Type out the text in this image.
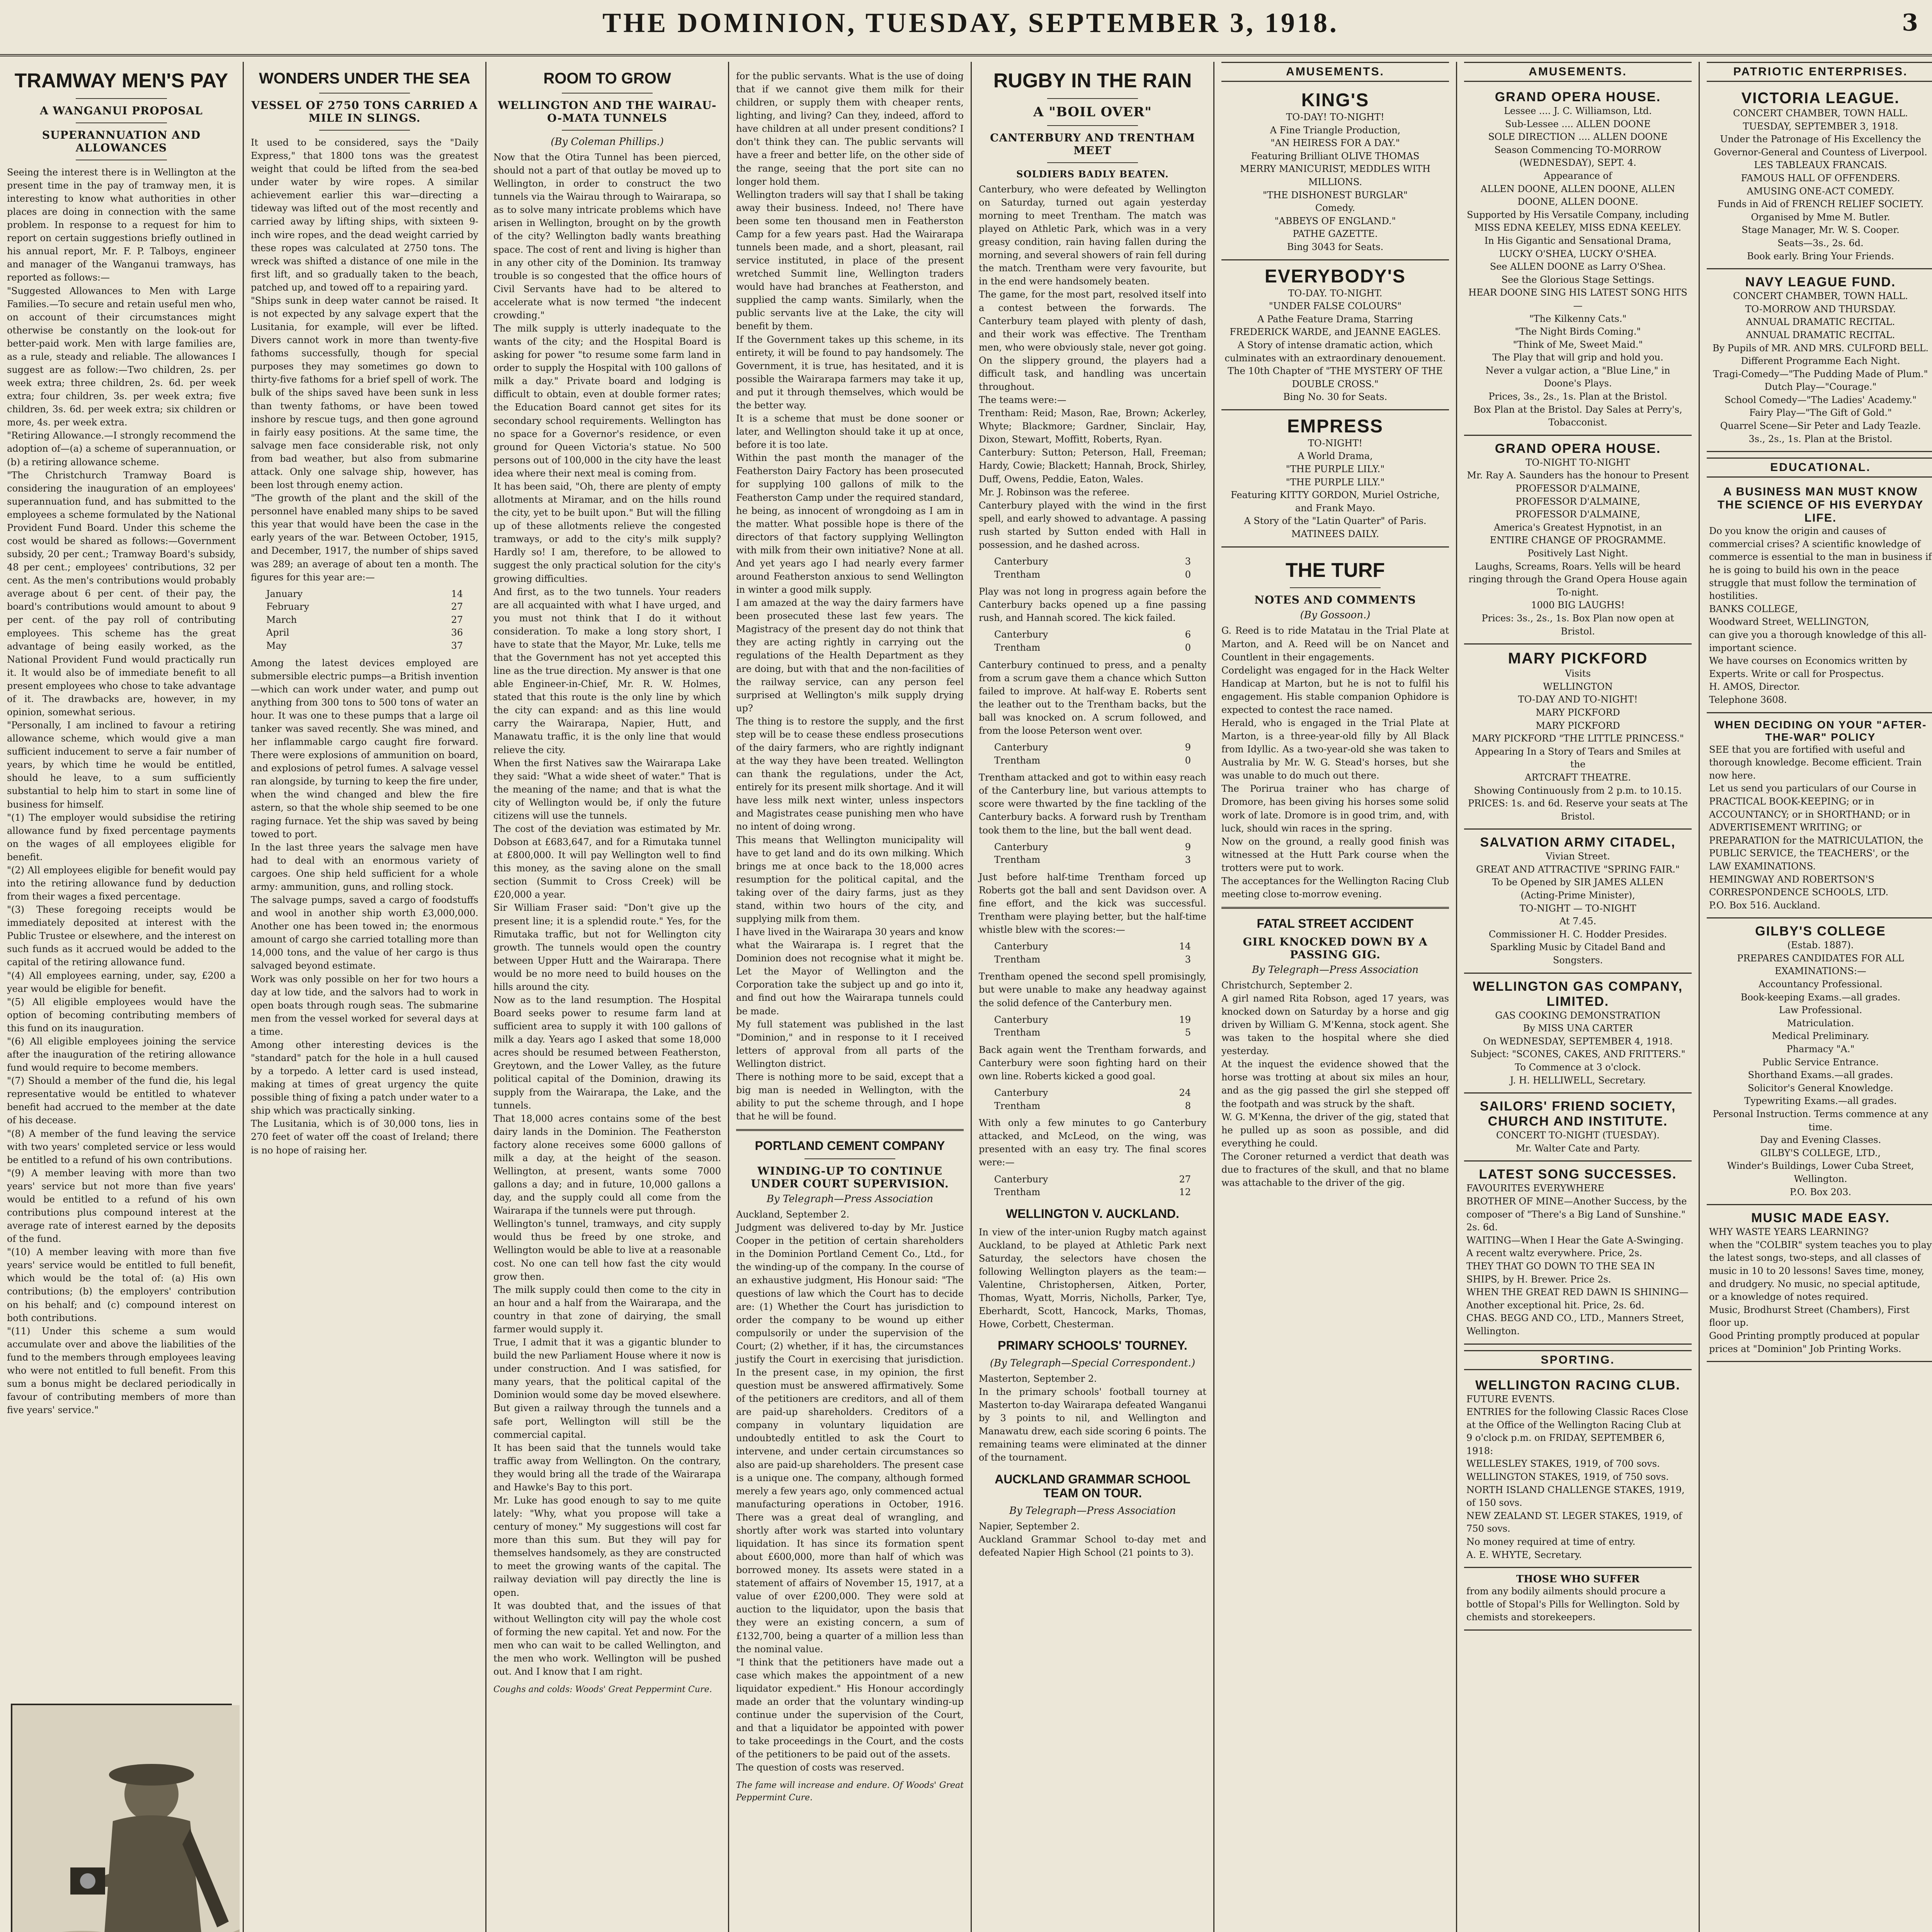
THE DOMINION, TUESDAY, SEPTEMBER 3, 1918.	3
TRAMWAY MEN'S PAY
A WANGANUI PROPOSAL
SUPERANNUATION AND ALLOWANCES

Seeing the interest there is in Wellington at the present time in the pay of tramway men, it is interesting to know what authorities in other places are doing in connection with the same problem. In response to a request for him to report on certain suggestions briefly outlined in his annual report, Mr. F. P. Talboys, engineer and manager of the Wanganui tramways, has reported as follows:—
"Suggested Allowances to Men with Large Families.—To secure and retain useful men who, on account of their circumstances might otherwise be constantly on the look-out for better-paid work. Men with large families are, as a rule, steady and reliable. The allowances I suggest are as follow:—Two children, 2s. per week extra; three children, 2s. 6d. per week extra; four children, 3s. per week extra; five children, 3s. 6d. per week extra; six children or more, 4s. per week extra.
"Retiring Allowance.—I strongly recommend the adoption of—(a) a scheme of superannuation, or (b) a retiring allowance scheme.
"The Christchurch Tramway Board is considering the inauguration of an employees' superannuation fund, and has submitted to the employees a scheme formulated by the National Provident Fund Board. Under this scheme the cost would be shared as follows:—Government subsidy, 20 per cent.; Tramway Board's subsidy, 48 per cent.; employees' contributions, 32 per cent. As the men's contributions would probably average about 6 per cent. of their pay, the board's contributions would amount to about 9 per cent. of the pay roll of contributing employees. This scheme has the great advantage of being easily worked, as the National Provident Fund would practically run it. It would also be of immediate benefit to all present employees who chose to take advantage of it. The drawbacks are, however, in my opinion, somewhat serious.
"Personally, I am inclined to favour a retiring allowance scheme, which would give a man sufficient inducement to serve a fair number of years, by which time he would be entitled, should he leave, to a sum sufficiently substantial to help him to start in some line of business for himself.
"(1) The employer would subsidise the retiring allowance fund by fixed percentage payments on the wages of all employees eligible for benefit.
"(2) All employees eligible for benefit would pay into the retiring allowance fund by deduction from their wages a fixed percentage.
"(3) These foregoing receipts would be immediately deposited at interest with the Public Trustee or elsewhere, and the interest on such funds as it accrued would be added to the capital of the retiring allowance fund.
"(4) All employees earning, under, say, £200 a year would be eligible for benefit.
"(5) All eligible employees would have the option of becoming contributing members of this fund on its inauguration.
"(6) All eligible employees joining the service after the inauguration of the retiring allowance fund would require to become members.
"(7) Should a member of the fund die, his legal representative would be entitled to whatever benefit had accrued to the member at the date of his decease.
"(8) A member of the fund leaving the service with two years' completed service or less would be entitled to a refund of his own contributions.
"(9) A member leaving with more than two years' service but not more than five years' would be entitled to a refund of his own contributions plus compound interest at the average rate of interest earned by the deposits of the fund.
"(10) A member leaving with more than five years' service would be entitled to full benefit, which would be the total of: (a) His own contributions; (b) the employers' contribution on his behalf; and (c) compound interest on both contributions.
"(11) Under this scheme a sum would accumulate over and above the liabilities of the fund to the members through employees leaving who were not entitled to full benefit. From this sum a bonus might be declared periodically in favour of contributing members of more than five years' service."

WONDERS UNDER THE SEA
VESSEL OF 2750 TONS CARRIED A MILE IN SLINGS.

It used to be considered, says the "Daily Express," that 1800 tons was the greatest weight that could be lifted from the sea-bed under water by wire ropes. A similar achievement earlier this war—directing a tideway was lifted out of the most recently and carried away by lifting ships, with sixteen 9-inch wire ropes, and the dead weight carried by these ropes was calculated at 2750 tons. The wreck was shifted a distance of one mile in the first lift, and so gradually taken to the beach, patched up, and towed off to a repairing yard.
"Ships sunk in deep water cannot be raised. It is not expected by any salvage expert that the Lusitania, for example, will ever be lifted. Divers cannot work in more than twenty-five fathoms successfully, though for special purposes they may sometimes go down to thirty-five fathoms for a brief spell of work. The bulk of the ships saved have been sunk in less than twenty fathoms, or have been towed inshore by rescue tugs, and then gone aground in fairly easy positions. At the same time, the salvage men face considerable risk, not only from bad weather, but also from submarine attack. Only one salvage ship, however, has been lost through enemy action.
"The growth of the plant and the skill of the personnel have enabled many ships to be saved this year that would have been the case in the early years of the war. Between October, 1915, and December, 1917, the number of ships saved was 289; an average of about ten a month. The figures for this year are:—

January	14
February	27
March	27
April	36
May	37

Among the latest devices employed are submersible electric pumps—a British invention—which can work under water, and pump out anything from 300 tons to 500 tons of water an hour. It was one to these pumps that a large oil tanker was saved recently. She was mined, and her inflammable cargo caught fire forward. There were explosions of ammunition on board, and explosions of petrol fumes. A salvage vessel ran alongside, by turning to keep the fire under, when the wind changed and blew the fire astern, so that the whole ship seemed to be one raging furnace. Yet the ship was saved by being towed to port.
In the last three years the salvage men have had to deal with an enormous variety of cargoes. One ship held sufficient for a whole army: ammunition, guns, and rolling stock.
The salvage pumps, saved a cargo of foodstuffs and wool in another ship worth £3,000,000. Another one has been towed in; the enormous amount of cargo she carried totalling more than 14,000 tons, and the value of her cargo is thus salvaged beyond estimate.
Work was only possible on her for two hours a day at low tide, and the salvors had to work in open boats through rough seas. The submarine men from the vessel worked for several days at a time.
Among other interesting devices is the "standard" patch for the hole in a hull caused by a torpedo. A letter card is used instead, making at times of great urgency the quite possible thing of fixing a patch under water to a ship which was practically sinking.
The Lusitania, which is of 30,000 tons, lies in 270 feet of water off the coast of Ireland; there is no hope of raising her.

ROOM TO GROW
WELLINGTON AND THE WAIRAU-O-MATA TUNNELS
(By Coleman Phillips.)

Now that the Otira Tunnel has been pierced, should not a part of that outlay be moved up to Wellington, in order to construct the two tunnels via the Wairau through to Wairarapa, so as to solve many intricate problems which have arisen in Wellington, brought on by the growth of the city? Wellington badly wants breathing space. The cost of rent and living is higher than in any other city of the Dominion. Its tramway trouble is so congested that the office hours of Civil Servants have had to be altered to accelerate what is now termed "the indecent crowding."
The milk supply is utterly inadequate to the wants of the city; and the Hospital Board is asking for power "to resume some farm land in order to supply the Hospital with 100 gallons of milk a day." Private board and lodging is difficult to obtain, even at double former rates; the Education Board cannot get sites for its secondary school requirements. Wellington has no space for a Governor's residence, or even ground for Queen Victoria's statue. No 500 persons out of 100,000 in the city have the least idea where their next meal is coming from.
It has been said, "Oh, there are plenty of empty allotments at Miramar, and on the hills round the city, yet to be built upon." But will the filling up of these allotments relieve the congested tramways, or add to the city's milk supply? Hardly so! I am, therefore, to be allowed to suggest the only practical solution for the city's growing difficulties.
And first, as to the two tunnels. Your readers are all acquainted with what I have urged, and you must not think that I do it without consideration. To make a long story short, I have to state that the Mayor, Mr. Luke, tells me that the Government has not yet accepted this line as the true direction. My answer is that one able Engineer-in-Chief, Mr. R. W. Holmes, stated that this route is the only line by which the city can expand: and as this line would carry the Wairarapa, Napier, Hutt, and Manawatu traffic, it is the only line that would relieve the city.
When the first Natives saw the Wairarapa Lake they said: "What a wide sheet of water." That is the meaning of the name; and that is what the city of Wellington would be, if only the future citizens will use the tunnels.
The cost of the deviation was estimated by Mr. Dobson at £683,647, and for a Rimutaka tunnel at £800,000. It will pay Wellington well to find this money, as the saving alone on the small section (Summit to Cross Creek) will be £20,000 a year.
Sir William Fraser said: "Don't give up the present line; it is a splendid route." Yes, for the Rimutaka traffic, but not for Wellington city growth. The tunnels would open the country between Upper Hutt and the Wairarapa. There would be no more need to build houses on the hills around the city.
Now as to the land resumption. The Hospital Board seeks power to resume farm land at sufficient area to supply it with 100 gallons of milk a day. Years ago I asked that some 18,000 acres should be resumed between Featherston, Greytown, and the Lower Valley, as the future political capital of the Dominion, drawing its supply from the Wairarapa, the Lake, and the tunnels.
That 18,000 acres contains some of the best dairy lands in the Dominion. The Featherston factory alone receives some 6000 gallons of milk a day, at the height of the season. Wellington, at present, wants some 7000 gallons a day; and in future, 10,000 gallons a day, and the supply could all come from the Wairarapa if the tunnels were put through.
Wellington's tunnel, tramways, and city supply would thus be freed by one stroke, and Wellington would be able to live at a reasonable cost. No one can tell how fast the city would grow then.
The milk supply could then come to the city in an hour and a half from the Wairarapa, and the country in that zone of dairying, the small farmer would supply it.
True, I admit that it was a gigantic blunder to build the new Parliament House where it now is under construction. And I was satisfied, for many years, that the political capital of the Dominion would some day be moved elsewhere. But given a railway through the tunnels and a safe port, Wellington will still be the commercial capital.
It has been said that the tunnels would take traffic away from Wellington. On the contrary, they would bring all the trade of the Wairarapa and Hawke's Bay to this port.
Mr. Luke has good enough to say to me quite lately: "Why, what you propose will take a century of money." My suggestions will cost far more than this sum. But they will pay for themselves handsomely, as they are constructed to meet the growing wants of the capital. The railway deviation will pay directly the line is open.
It was doubted that, and the issues of that without Wellington city will pay the whole cost of forming the new capital. Yet and now. For the men who can wait to be called Wellington, and the men who work. Wellington will be pushed out. And I know that I am right.

Coughs and colds: Woods' Great Peppermint Cure.

for the public servants. What is the use of doing that if we cannot give them milk for their children, or supply them with cheaper rents, lighting, and living? Can they, indeed, afford to have children at all under present conditions? I don't think they can. The public servants will have a freer and better life, on the other side of the range, seeing that the port site can no longer hold them.
Wellington traders will say that I shall be taking away their business. Indeed, no! There have been some ten thousand men in Featherston Camp for a few years past. Had the Wairarapa tunnels been made, and a short, pleasant, rail service instituted, in place of the present wretched Summit line, Wellington traders would have had branches at Featherston, and supplied the camp wants. Similarly, when the public servants live at the Lake, the city will benefit by them.
If the Government takes up this scheme, in its entirety, it will be found to pay handsomely. The Government, it is true, has hesitated, and it is possible the Wairarapa farmers may take it up, and put it through themselves, which would be the better way.
It is a scheme that must be done sooner or later, and Wellington should take it up at once, before it is too late.
Within the past month the manager of the Featherston Dairy Factory has been prosecuted for supplying 100 gallons of milk to the Featherston Camp under the required standard, he being, as innocent of wrongdoing as I am in the matter. What possible hope is there of the directors of that factory supplying Wellington with milk from their own initiative? None at all. And yet years ago I had nearly every farmer around Featherston anxious to send Wellington in winter a good milk supply.
I am amazed at the way the dairy farmers have been prosecuted these last few years. The Magistracy of the present day do not think that they are acting rightly in carrying out the regulations of the Health Department as they are doing, but with that and the non-facilities of the railway service, can any person feel surprised at Wellington's milk supply drying up?
The thing is to restore the supply, and the first step will be to cease these endless prosecutions of the dairy farmers, who are rightly indignant at the way they have been treated. Wellington can thank the regulations, under the Act, entirely for its present milk shortage. And it will have less milk next winter, unless inspectors and Magistrates cease punishing men who have no intent of doing wrong.
This means that Wellington municipality will have to get land and do its own milking. Which brings me at once back to the 18,000 acres resumption for the political capital, and the taking over of the dairy farms, just as they stand, within two hours of the city, and supplying milk from them.
I have lived in the Wairarapa 30 years and know what the Wairarapa is. I regret that the Dominion does not recognise what it might be. Let the Mayor of Wellington and the Corporation take the subject up and go into it, and find out how the Wairarapa tunnels could be made.
My full statement was published in the last "Dominion," and in response to it I received letters of approval from all parts of the Wellington district.
There is nothing more to be said, except that a big man is needed in Wellington, with the ability to put the scheme through, and I hope that he will be found.

PORTLAND CEMENT COMPANY
WINDING-UP TO CONTINUE UNDER COURT SUPERVISION.
By Telegraph—Press Association

Auckland, September 2.
Judgment was delivered to-day by Mr. Justice Cooper in the petition of certain shareholders in the Dominion Portland Cement Co., Ltd., for the winding-up of the company. In the course of an exhaustive judgment, His Honour said: "The questions of law which the Court has to decide are: (1) Whether the Court has jurisdiction to order the company to be wound up either compulsorily or under the supervision of the Court; (2) whether, if it has, the circumstances justify the Court in exercising that jurisdiction. In the present case, in my opinion, the first question must be answered affirmatively. Some of the petitioners are creditors, and all of them are paid-up shareholders. Creditors of a company in voluntary liquidation are undoubtedly entitled to ask the Court to intervene, and under certain circumstances so also are paid-up shareholders. The present case is a unique one. The company, although formed merely a few years ago, only commenced actual manufacturing operations in October, 1916. There was a great deal of wrangling, and shortly after work was started into voluntary liquidation. It has since its formation spent about £600,000, more than half of which was borrowed money. Its assets were stated in a statement of affairs of November 15, 1917, at a value of over £200,000. They were sold at auction to the liquidator, upon the basis that they were an existing concern, a sum of £132,700, being a quarter of a million less than the nominal value.
"I think that the petitioners have made out a case which makes the appointment of a new liquidator expedient." His Honour accordingly made an order that the voluntary winding-up continue under the supervision of the Court, and that a liquidator be appointed with power to take proceedings in the Court, and the costs of the petitioners to be paid out of the assets.
The question of costs was reserved.

The fame will increase and endure. Of Woods' Great Peppermint Cure.

RUGBY IN THE RAIN
A "BOIL OVER"
CANTERBURY AND TRENTHAM MEET
SOLDIERS BADLY BEATEN.

Canterbury, who were defeated by Wellington on Saturday, turned out again yesterday morning to meet Trentham. The match was played on Athletic Park, which was in a very greasy condition, rain having fallen during the morning, and several showers of rain fell during the match. Trentham were very favourite, but in the end were handsomely beaten.
The game, for the most part, resolved itself into a contest between the forwards. The Canterbury team played with plenty of dash, and their work was effective. The Trentham men, who were obviously stale, never got going.
On the slippery ground, the players had a difficult task, and handling was uncertain throughout.
The teams were:—
Trentham: Reid; Mason, Rae, Brown; Ackerley, Whyte; Blackmore; Gardner, Sinclair, Hay, Dixon, Stewart, Moffitt, Roberts, Ryan.
Canterbury: Sutton; Peterson, Hall, Freeman; Hardy, Cowie; Blackett; Hannah, Brock, Shirley, Duff, Owens, Peddie, Eaton, Wales.
Mr. J. Robinson was the referee.
Canterbury played with the wind in the first spell, and early showed to advantage. A passing rush started by Sutton ended with Hall in possession, and he dashed across.

Canterbury	3
Trentham	0

Play was not long in progress again before the Canterbury backs opened up a fine passing rush, and Hannah scored. The kick failed.

Canterbury	6
Trentham	0

Canterbury continued to press, and a penalty from a scrum gave them a chance which Sutton failed to improve. At half-way E. Roberts sent the leather out to the Trentham backs, but the ball was knocked on. A scrum followed, and from the loose Peterson went over.

Canterbury	9
Trentham	0

Trentham attacked and got to within easy reach of the Canterbury line, but various attempts to score were thwarted by the fine tackling of the Canterbury backs. A forward rush by Trentham took them to the line, but the ball went dead.

Canterbury	9
Trentham	3

Just before half-time Trentham forced up Roberts got the ball and sent Davidson over. A fine effort, and the kick was successful. Trentham were playing better, but the half-time whistle blew with the scores:—

Canterbury	14
Trentham	3

Trentham opened the second spell promisingly, but were unable to make any headway against the solid defence of the Canterbury men.

Canterbury	19
Trentham	5

Back again went the Trentham forwards, and Canterbury were soon fighting hard on their own line. Roberts kicked a good goal.

Canterbury	24
Trentham	8

With only a few minutes to go Canterbury attacked, and McLeod, on the wing, was presented with an easy try. The final scores were:—

Canterbury	27
Trentham	12
WELLINGTON V. AUCKLAND.

In view of the inter-union Rugby match against Auckland, to be played at Athletic Park next Saturday, the selectors have chosen the following Wellington players as the team:—Valentine, Christophersen, Aitken, Porter, Thomas, Wyatt, Morris, Nicholls, Parker, Tye, Eberhardt, Scott, Hancock, Marks, Thomas, Howe, Corbett, Chesterman.

PRIMARY SCHOOLS' TOURNEY.
(By Telegraph—Special Correspondent.)

Masterton, September 2.
In the primary schools' football tourney at Masterton to-day Wairarapa defeated Wanganui by 3 points to nil, and Wellington and Manawatu drew, each side scoring 6 points. The remaining teams were eliminated at the dinner of the tournament.

AUCKLAND GRAMMAR SCHOOL TEAM ON TOUR.
By Telegraph—Press Association

Napier, September 2.
Auckland Grammar School to-day met and defeated Napier High School (21 points to 3).

AMUSEMENTS.
KING'S
TO-DAY! TO-NIGHT!
A Fine Triangle Production,
"AN HEIRESS FOR A DAY."
Featuring Brilliant OLIVE THOMAS
MERRY MANICURIST, MEDDLES WITH MILLIONS.
"THE DISHONEST BURGLAR"
Comedy.
"ABBEYS OF ENGLAND."
PATHE GAZETTE.
Bing 3043 for Seats.
EVERYBODY'S
TO-DAY. TO-NIGHT.
"UNDER FALSE COLOURS"
A Pathe Feature Drama, Starring
FREDERICK WARDE, and JEANNE EAGLES.
A Story of intense dramatic action, which culminates with an extraordinary denouement.
The 10th Chapter of "THE MYSTERY OF THE DOUBLE CROSS."
Bing No. 30 for Seats.
EMPRESS
TO-NIGHT!
A World Drama,
"THE PURPLE LILY."
"THE PURPLE LILY."
Featuring KITTY GORDON, Muriel Ostriche, and Frank Mayo.
A Story of the "Latin Quarter" of Paris.
MATINEES DAILY.
THE TURF
NOTES AND COMMENTS
(By Gossoon.)

G. Reed is to ride Matatau in the Trial Plate at Marton, and A. Reed will be on Nancet and Countlent in their engagements.
Cordelight was engaged for in the Hack Welter Handicap at Marton, but he is not to fulfil his engagement. His stable companion Ophidore is expected to contest the race named.
Herald, who is engaged in the Trial Plate at Marton, is a three-year-old filly by All Black from Idyllic. As a two-year-old she was taken to Australia by Mr. W. G. Stead's horses, but she was unable to do much out there.
The Porirua trainer who has charge of Dromore, has been giving his horses some solid work of late. Dromore is in good trim, and, with luck, should win races in the spring.
Now on the ground, a really good finish was witnessed at the Hutt Park course when the trotters were put to work.
The acceptances for the Wellington Racing Club meeting close to-morrow evening.

FATAL STREET ACCIDENT
GIRL KNOCKED DOWN BY A PASSING GIG.
By Telegraph—Press Association

Christchurch, September 2.
A girl named Rita Robson, aged 17 years, was knocked down on Saturday by a horse and gig driven by William G. M'Kenna, stock agent. She was taken to the hospital where she died yesterday.
At the inquest the evidence showed that the horse was trotting at about six miles an hour, and as the gig passed the girl she stepped off the footpath and was struck by the shaft.
W. G. M'Kenna, the driver of the gig, stated that he pulled up as soon as possible, and did everything he could.
The Coroner returned a verdict that death was due to fractures of the skull, and that no blame was attachable to the driver of the gig.

AMUSEMENTS.
GRAND OPERA HOUSE.
Lessee .... J. C. Williamson, Ltd.
Sub-Lessee .... ALLEN DOONE
SOLE DIRECTION .... ALLEN DOONE
Season Commencing TO-MORROW (WEDNESDAY), SEPT. 4.
Appearance of
ALLEN DOONE, ALLEN DOONE, ALLEN DOONE, ALLEN DOONE.
Supported by His Versatile Company, including
MISS EDNA KEELEY, MISS EDNA KEELEY.
In His Gigantic and Sensational Drama,
LUCKY O'SHEA, LUCKY O'SHEA.
See ALLEN DOONE as Larry O'Shea.
See the Glorious Stage Settings.
HEAR DOONE SING HIS LATEST SONG HITS—
"The Kilkenny Cats."
"The Night Birds Coming."
"Think of Me, Sweet Maid."
The Play that will grip and hold you.
Never a vulgar action, a "Blue Line," in Doone's Plays.
Prices, 3s., 2s., 1s. Plan at the Bristol.
Box Plan at the Bristol. Day Sales at Perry's, Tobacconist.
GRAND OPERA HOUSE.
TO-NIGHT TO-NIGHT
Mr. Ray A. Saunders has the honour to Present
PROFESSOR D'ALMAINE,
PROFESSOR D'ALMAINE,
PROFESSOR D'ALMAINE,
America's Greatest Hypnotist, in an
ENTIRE CHANGE OF PROGRAMME.
Positively Last Night.
Laughs, Screams, Roars. Yells will be heard ringing through the Grand Opera House again To-night.
1000 BIG LAUGHS!
Prices: 3s., 2s., 1s. Box Plan now open at Bristol.
MARY PICKFORD
Visits
WELLINGTON
TO-DAY AND TO-NIGHT!
MARY PICKFORD
MARY PICKFORD
MARY PICKFORD "THE LITTLE PRINCESS."
Appearing In a Story of Tears and Smiles at the
ARTCRAFT THEATRE.
Showing Continuously from 2 p.m. to 10.15.
PRICES: 1s. and 6d. Reserve your seats at The Bristol.
SALVATION ARMY CITADEL,
Vivian Street.
GREAT AND ATTRACTIVE "SPRING FAIR."
To be Opened by SIR JAMES ALLEN
(Acting-Prime Minister),
TO-NIGHT — TO-NIGHT
At 7.45.
Commissioner H. C. Hodder Presides.
Sparkling Music by Citadel Band and Songsters.
WELLINGTON GAS COMPANY, LIMITED.
GAS COOKING DEMONSTRATION
By MISS UNA CARTER
On WEDNESDAY, SEPTEMBER 4, 1918.
Subject: "SCONES, CAKES, AND FRITTERS."
To Commence at 3 o'clock.
J. H. HELLIWELL, Secretary.
SAILORS' FRIEND SOCIETY, CHURCH AND INSTITUTE.
CONCERT TO-NIGHT (TUESDAY).
Mr. Walter Cate and Party.
LATEST SONG SUCCESSES.
FAVOURITES EVERYWHERE
BROTHER OF MINE—Another Success, by the composer of "There's a Big Land of Sunshine." 2s. 6d.
WAITING—When I Hear the Gate A-Swinging. A recent waltz everywhere. Price, 2s.
THEY THAT GO DOWN TO THE SEA IN SHIPS, by H. Brewer. Price 2s.
WHEN THE GREAT RED DAWN IS SHINING—Another exceptional hit. Price, 2s. 6d.
CHAS. BEGG AND CO., LTD., Manners Street, Wellington.
SPORTING.
WELLINGTON RACING CLUB.
FUTURE EVENTS.
ENTRIES for the following Classic Races Close at the Office of the Wellington Racing Club at 9 o'clock p.m. on FRIDAY, SEPTEMBER 6, 1918:
WELLESLEY STAKES, 1919, of 700 sovs.
WELLINGTON STAKES, 1919, of 750 sovs.
NORTH ISLAND CHALLENGE STAKES, 1919, of 150 sovs.
NEW ZEALAND ST. LEGER STAKES, 1919, of 750 sovs.
No money required at time of entry.
A. E. WHYTE, Secretary.
THOSE WHO SUFFER
from any bodily ailments should procure a bottle of Stopal's Pills for Wellington. Sold by chemists and storekeepers.
PATRIOTIC ENTERPRISES.
VICTORIA LEAGUE.
CONCERT CHAMBER, TOWN HALL.
TUESDAY, SEPTEMBER 3, 1918.
Under the Patronage of His Excellency the Governor-General and Countess of Liverpool.
LES TABLEAUX FRANCAIS.
FAMOUS HALL OF OFFENDERS.
AMUSING ONE-ACT COMEDY.
Funds in Aid of FRENCH RELIEF SOCIETY.
Organised by Mme M. Butler.
Stage Manager, Mr. W. S. Cooper.
Seats—3s., 2s. 6d.
Book early. Bring Your Friends.
NAVY LEAGUE FUND.
CONCERT CHAMBER, TOWN HALL.
TO-MORROW AND THURSDAY.
ANNUAL DRAMATIC RECITAL.
ANNUAL DRAMATIC RECITAL.
By Pupils of MR. AND MRS. CULFORD BELL.
Different Programme Each Night.
Tragi-Comedy—"The Pudding Made of Plum."
Dutch Play—"Courage."
School Comedy—"The Ladies' Academy."
Fairy Play—"The Gift of Gold."
Quarrel Scene—Sir Peter and Lady Teazle.
3s., 2s., 1s. Plan at the Bristol.
EDUCATIONAL.
A BUSINESS MAN MUST KNOW THE SCIENCE OF HIS EVERYDAY LIFE.
Do you know the origin and causes of commercial crises? A scientific knowledge of commerce is essential to the man in business if he is going to build his own in the peace struggle that must follow the termination of hostilities.
BANKS COLLEGE,
Woodward Street, WELLINGTON,
can give you a thorough knowledge of this all-important science.
We have courses on Economics written by Experts. Write or call for Prospectus.
H. AMOS, Director.
Telephone 3608.
WHEN DECIDING ON YOUR "AFTER-THE-WAR" POLICY
SEE that you are fortified with useful and thorough knowledge. Become efficient. Train now here.
Let us send you particulars of our Course in
PRACTICAL BOOK-KEEPING; or in ACCOUNTANCY; or in SHORTHAND; or in ADVERTISEMENT WRITING; or PREPARATION for the MATRICULATION, the PUBLIC SERVICE, the TEACHERS', or the LAW EXAMINATIONS.
HEMINGWAY AND ROBERTSON'S CORRESPONDENCE SCHOOLS, LTD.
P.O. Box 516. Auckland.
GILBY'S COLLEGE
(Estab. 1887).
PREPARES CANDIDATES FOR ALL EXAMINATIONS:—
Accountancy Professional.
Book-keeping Exams.—all grades.
Law Professional.
Matriculation.
Medical Preliminary.
Pharmacy "A."
Public Service Entrance.
Shorthand Exams.—all grades.
Solicitor's General Knowledge.
Typewriting Exams.—all grades.
Personal Instruction. Terms commence at any time.
Day and Evening Classes.
GILBY'S COLLEGE, LTD.,
Winder's Buildings, Lower Cuba Street, Wellington.
P.O. Box 203.
MUSIC MADE EASY.
WHY WASTE YEARS LEARNING?
when the "COLBIR" system teaches you to play the latest songs, two-steps, and all classes of music in 10 to 20 lessons! Saves time, money, and drudgery. No music, no special aptitude, or a knowledge of notes required.
Music, Brodhurst Street (Chambers), First floor up.
Good Printing promptly produced at popular prices at "Dominion" Job Printing Works.
